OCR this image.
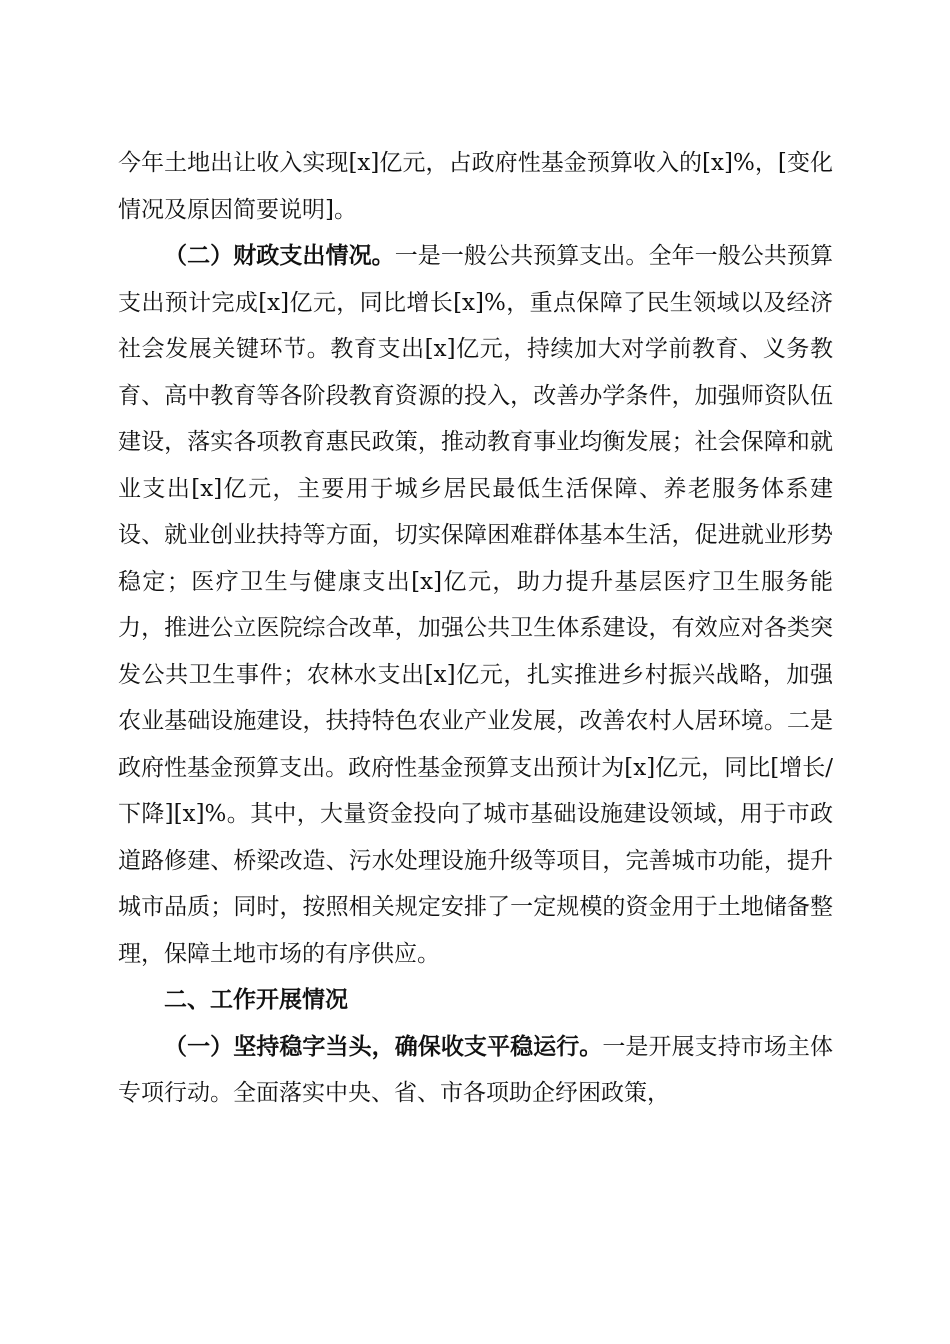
今年土地出让收入实现[x]亿元，占政府性基金预算收入的[x]%，[变化情况及原因简要说明]。

（二）财政支出情况。一是一般公共预算支出。全年一般公共预算支出预计完成[x]亿元，同比增长[x]%，重点保障了民生领域以及经济社会发展关键环节。教育支出[x]亿元，持续加大对学前教育、义务教育、高中教育等各阶段教育资源的投入，改善办学条件，加强师资队伍建设，落实各项教育惠民政策，推动教育事业均衡发展；社会保障和就业支出[x]亿元，主要用于城乡居民最低生活保障、养老服务体系建设、就业创业扶持等方面，切实保障困难群体基本生活，促进就业形势稳定；医疗卫生与健康支出[x]亿元，助力提升基层医疗卫生服务能力，推进公立医院综合改革，加强公共卫生体系建设，有效应对各类突发公共卫生事件；农林水支出[x]亿元，扎实推进乡村振兴战略，加强农业基础设施建设，扶持特色农业产业发展，改善农村人居环境。二是政府性基金预算支出。政府性基金预算支出预计为[x]亿元，同比[增长/下降][x]%。其中，大量资金投向了城市基础设施建设领域，用于市政道路修建、桥梁改造、污水处理设施升级等项目，完善城市功能，提升城市品质；同时，按照相关规定安排了一定规模的资金用于土地储备整理，保障土地市场的有序供应。

二、工作开展情况

（一）坚持稳字当头，确保收支平稳运行。一是开展支持市场主体专项行动。全面落实中央、省、市各项助企纾困政策，
